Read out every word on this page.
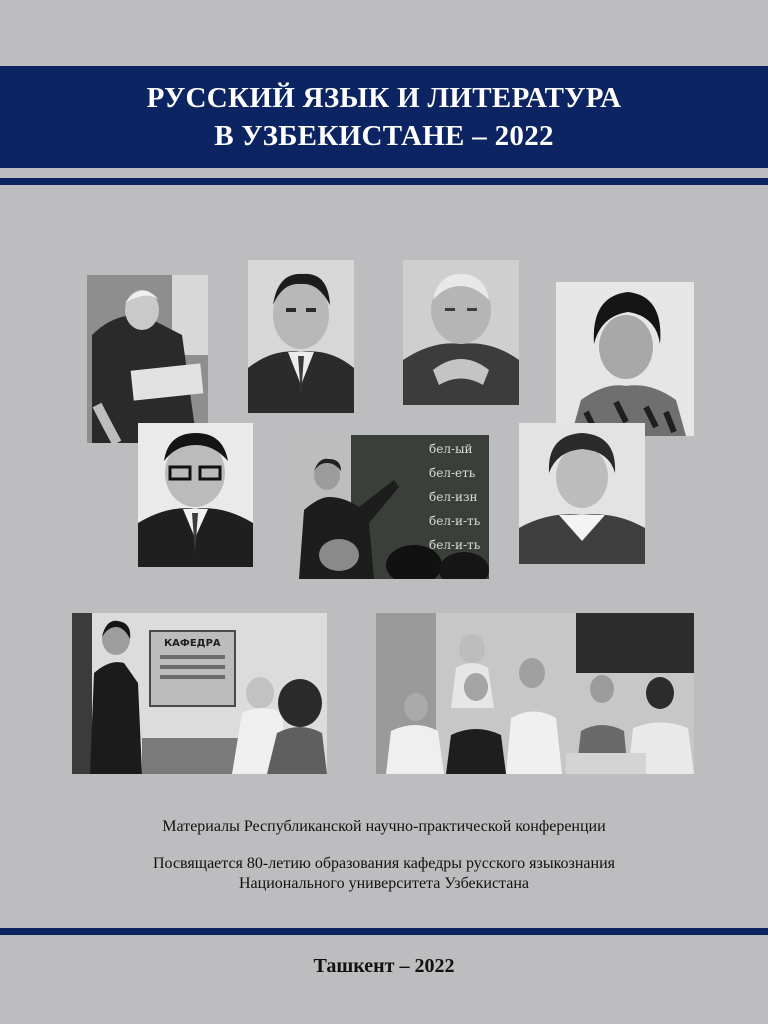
РУССКИЙ ЯЗЫК И ЛИТЕРАТУРА
В УЗБЕКИСТАНЕ – 2022
бел-ый
бел-еть
бел-изн
бел-и-ть
бел-и-ть
КАФЕДРА
Материалы Республиканской научно-практической конференции
Посвящается 80-летию образования кафедры русского языкознания
Национального университета Узбекистана
Ташкент – 2022
